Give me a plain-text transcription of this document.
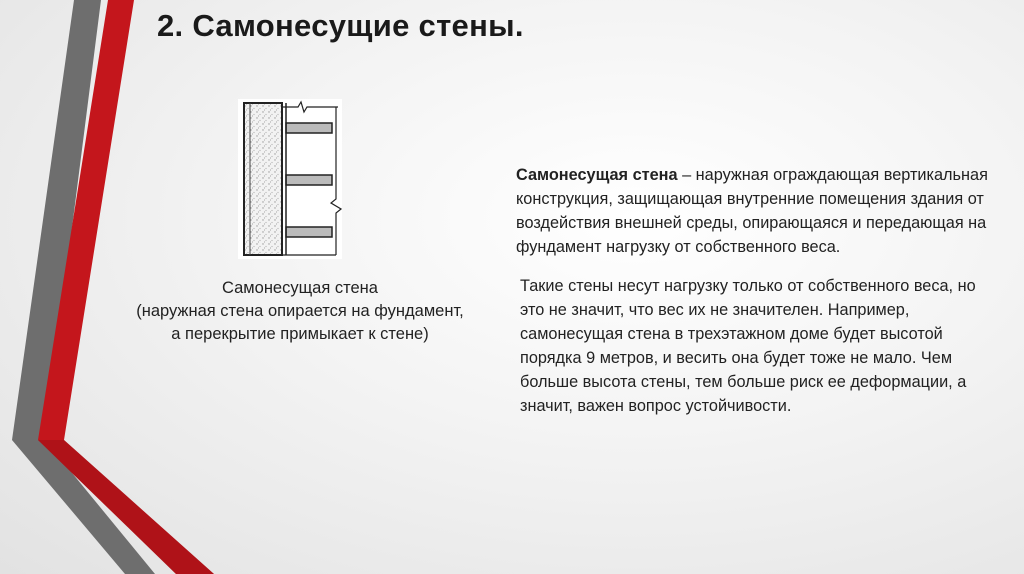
2. Самонесущие стены.
Самонесущая стена
(наружная стена опирается на фундамент, а перекрытие примыкает к стене)

Самонесущая стена – наружная ограждающая вертикальная конструкция, защищающая внутренние помещения здания от воздействия внешней среды, опирающаяся и передающая на фундамент нагрузку от собственного веса.

Такие стены несут нагрузку только от собственного веса, но это не значит, что вес их не значителен. Например, самонесущая стена в трехэтажном доме будет высотой порядка 9 метров, и весить она будет тоже не мало. Чем больше высота стены, тем больше риск ее деформации, а значит, важен вопрос устойчивости.
